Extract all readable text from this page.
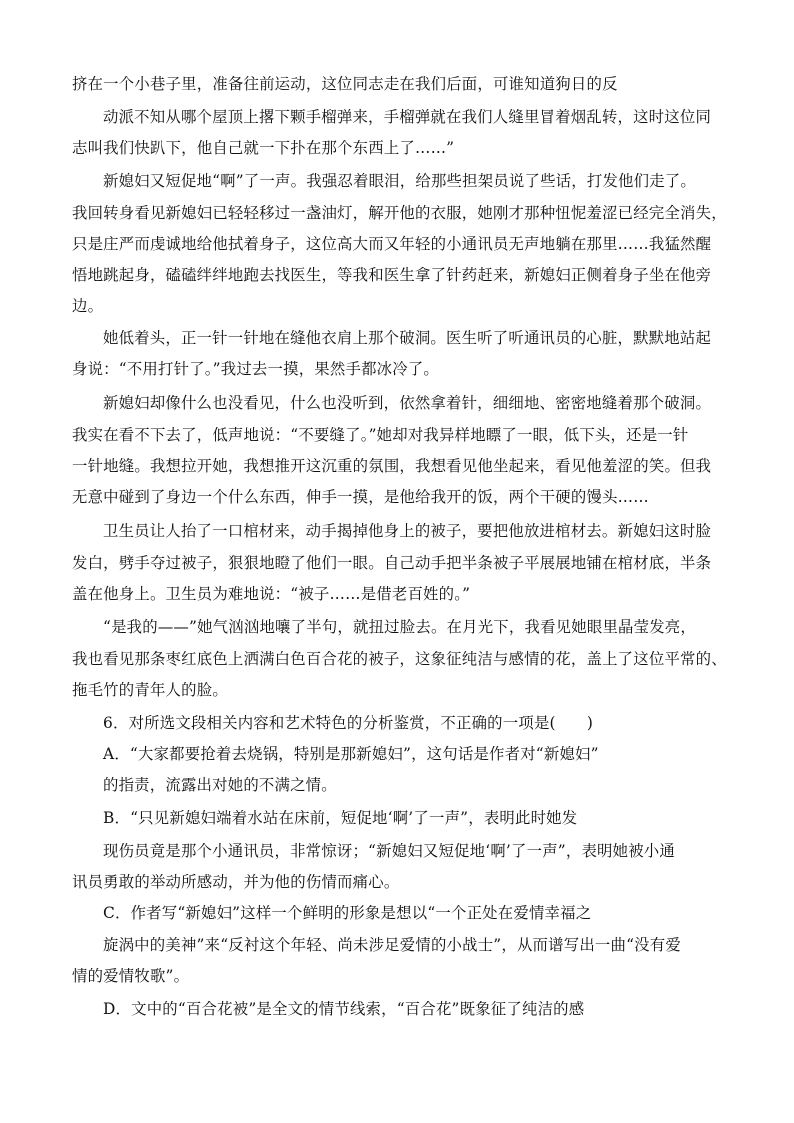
挤在一个小巷子里，准备往前运动，这位同志走在我们后面，可谁知道狗日的反
动派不知从哪个屋顶上撂下颗手榴弹来，手榴弹就在我们人缝里冒着烟乱转，这时这位同
志叫我们快趴下，他自己就一下扑在那个东西上了……”
新媳妇又短促地“啊”了一声。我强忍着眼泪，给那些担架员说了些话，打发他们走了。
我回转身看见新媳妇已轻轻移过一盏油灯，解开他的衣服，她刚才那种忸怩羞涩已经完全消失，
只是庄严而虔诚地给他拭着身子，这位高大而又年轻的小通讯员无声地躺在那里……我猛然醒
悟地跳起身，磕磕绊绊地跑去找医生，等我和医生拿了针药赶来，新媳妇正侧着身子坐在他旁
边。
她低着头，正一针一针地在缝他衣肩上那个破洞。医生听了听通讯员的心脏，默默地站起
身说：“不用打针了。”我过去一摸，果然手都冰冷了。
新媳妇却像什么也没看见，什么也没听到，依然拿着针，细细地、密密地缝着那个破洞。
我实在看不下去了，低声地说：“不要缝了。”她却对我异样地瞟了一眼，低下头，还是一针
一针地缝。我想拉开她，我想推开这沉重的氛围，我想看见他坐起来，看见他羞涩的笑。但我
无意中碰到了身边一个什么东西，伸手一摸，是他给我开的饭，两个干硬的馒头……
卫生员让人抬了一口棺材来，动手揭掉他身上的被子，要把他放进棺材去。新媳妇这时脸
发白，劈手夺过被子，狠狠地瞪了他们一眼。自己动手把半条被子平展展地铺在棺材底，半条
盖在他身上。卫生员为难地说：“被子……是借老百姓的。”
“是我的——”她气汹汹地嚷了半句，就扭过脸去。在月光下，我看见她眼里晶莹发亮，
我也看见那条枣红底色上洒满白色百合花的被子，这象征纯洁与感情的花，盖上了这位平常的、
拖毛竹的青年人的脸。
6．对所选文段相关内容和艺术特色的分析鉴赏，不正确的一项是(　　)
A．“大家都要抢着去烧锅，特别是那新媳妇”，这句话是作者对“新媳妇”
的指责，流露出对她的不满之情。
B．“只见新媳妇端着水站在床前，短促地‘啊’了一声”，表明此时她发
现伤员竟是那个小通讯员，非常惊讶；“新媳妇又短促地‘啊’了一声”，表明她被小通
讯员勇敢的举动所感动，并为他的伤情而痛心。
C．作者写“新媳妇”这样一个鲜明的形象是想以“一个正处在爱情幸福之
旋涡中的美神”来“反衬这个年轻、尚未涉足爱情的小战士”，从而谱写出一曲“没有爱
情的爱情牧歌”。
D．文中的“百合花被”是全文的情节线索，“百合花”既象征了纯洁的感
